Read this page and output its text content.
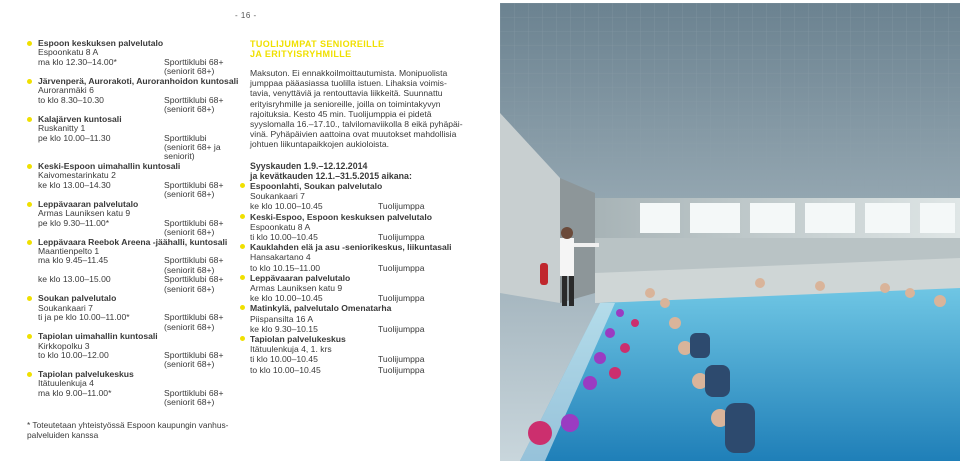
- 16 -
Espoon keskuksen palvelutalo
Espoonkatu 8 A
ma klo 12.30–14.00*	Sporttiklubi 68+
(seniorit 68+)
Järvenperä, Aurorakoti, Auroranhoidon kuntosali
Auroranmäki 6
to klo 8.30–10.30	Sporttiklubi 68+
(seniorit 68+)
Kalajärven kuntosali
Ruskanitty 1
pe klo 10.00–11.30	Sporttiklubi
(seniorit 68+ ja
seniorit)
Keski-Espoon uimahallin kuntosali
Kaivomestarinkatu 2
ke klo 13.00–14.30	Sporttiklubi 68+
(seniorit 68+)
Leppävaaran palvelutalo
Armas Launiksen katu 9
pe klo 9.30–11.00*	Sporttiklubi 68+
(seniorit 68+)
Leppävaara Reebok Areena -jäähalli, kuntosali
Maantienpelto 1
ma klo 9.45–11.45	Sporttiklubi 68+
(seniorit 68+)
ke klo 13.00–15.00	Sporttiklubi 68+
(seniorit 68+)
Soukan palvelutalo
Soukankaari 7
ti ja pe klo 10.00–11.00*	Sporttiklubi 68+
(seniorit 68+)
Tapiolan uimahallin kuntosali
Kirkkopolku 3
to klo 10.00–12.00	Sporttiklubi 68+
(seniorit 68+)
Tapiolan palvelukeskus
Itätuulenkuja 4
ma klo 9.00–11.00*	Sporttiklubi 68+
(seniorit 68+)
* Toteutetaan yhteistyössä Espoon kaupungin vanhus-
palveluiden kanssa
TUOLIJUMPAT SENIOREILLE
JA ERITYISRYHMILLE
Maksuton. Ei ennakkoilmoittautumista. Monipuolista
jumppaa pääasiassa tuolilla istuen. Lihaksia voimis-
tavia, venyttäviä ja rentouttavia liikkeitä. Suunnattu
erityisryhmille ja senioreille, joilla on toimintakyvyn
rajoituksia. Kesto 45 min. Tuolijumppia ei pidetä
syyslomalla 16.–17.10., talvilomaviikolla 8 eikä pyhäpäi-
vinä. Pyhäpäivien aattoina ovat muutokset mahdollisia
johtuen liikuntapaikkojen aukioloista.
Syyskauden 1.9.–12.12.2014
ja kevätkauden 12.1.–31.5.2015 aikana:
Espoonlahti, Soukan palvelutalo
Soukankaari 7
ke klo 10.00–10.45	Tuolijumppa
Keski-Espoo, Espoon keskuksen palvelutalo
Espoonkatu 8 A
ti klo 10.00–10.45	Tuolijumppa
Kauklahden elä ja asu -seniorikeskus, liikuntasali
Hansakartano 4
to klo 10.15–11.00	Tuolijumppa
Leppävaaran palvelutalo
Armas Launiksen katu 9
ke klo 10.00–10.45	Tuolijumppa
Matinkylä, palvelutalo Omenatarha
Piispansilta 16 A
ke klo 9.30–10.15	Tuolijumppa
Tapiolan palvelukeskus
Itätuulenkuja 4, 1. krs
ti klo 10.00–10.45	Tuolijumppa
to klo 10.00–10.45	Tuolijumppa
